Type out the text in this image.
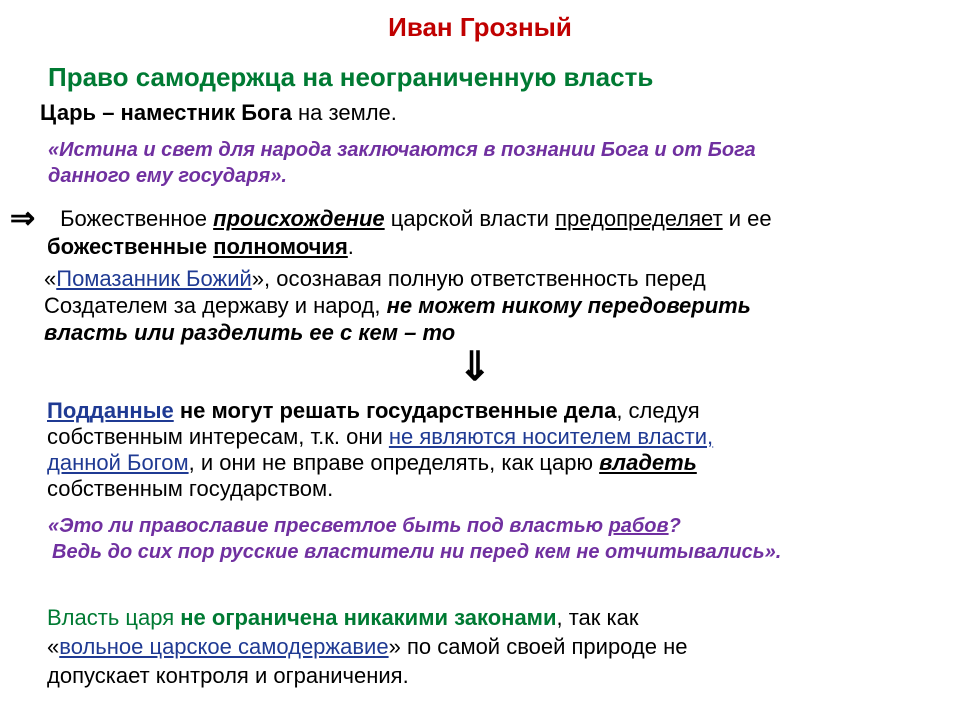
Иван Грозный
Право самодержца на неограниченную власть
Царь – наместник Бога на земле.
«Истина и свет для народа заключаются в познании Бога и от Бога
данного ему государя».
⇒ Божественное происхождение царской власти предопределяет и ее
божественные полномочия.
«Помазанник Божий», осознавая полную ответственность перед
Создателем за державу и народ, не может никому передоверить
власть или разделить ее с кем – то
⇓
Подданные не могут решать государственные дела, следуя
собственным интересам, т.к. они не являются носителем власти,
данной Богом, и они не вправе определять, как царю владеть
собственным государством.
«Это ли православие пресветлое быть под властью рабов?
Ведь до сих пор русские властители ни перед кем не отчитывались».
Власть царя не ограничена никакими законами, так как
«вольное царское самодержавие» по самой своей природе не
допускает контроля и ограничения.
